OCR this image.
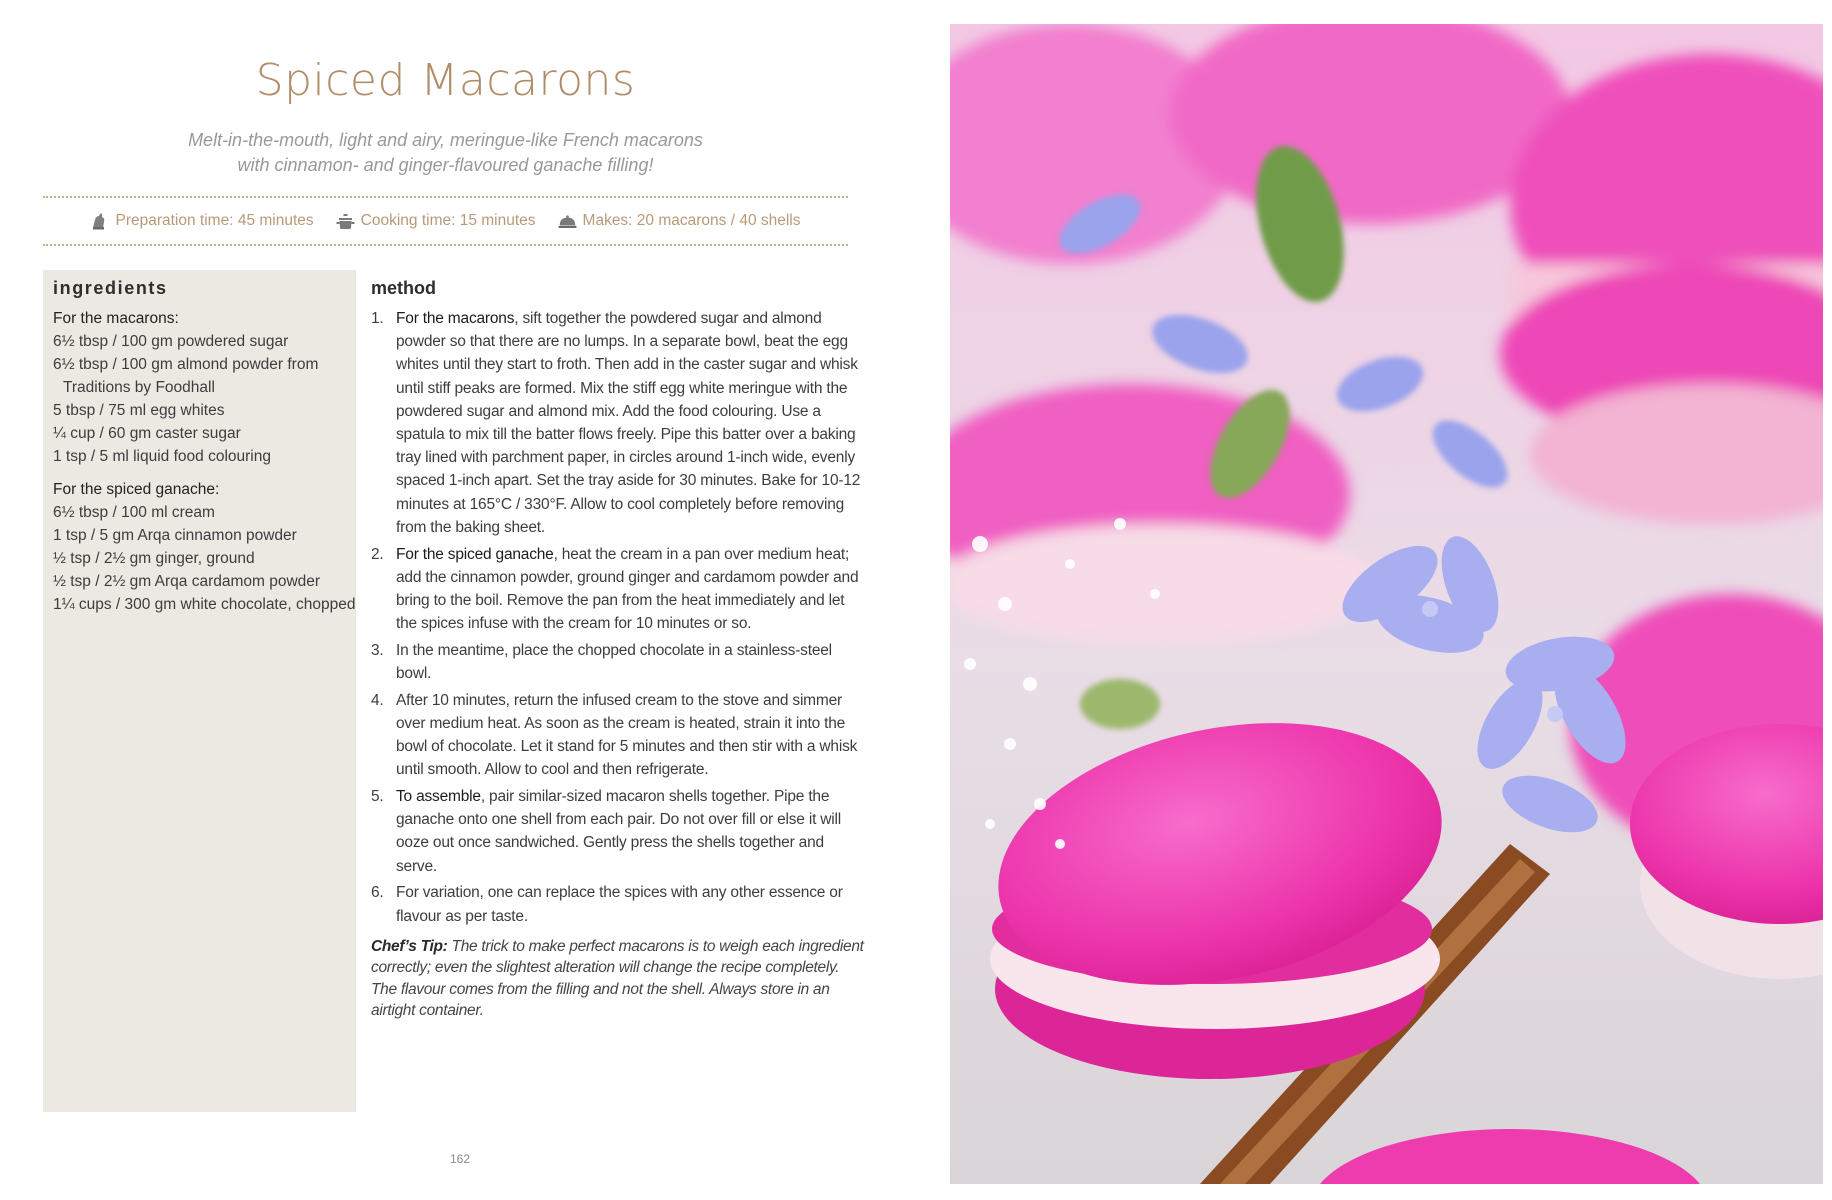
Spiced Macarons
Melt-in-the-mouth, light and airy, meringue-like French macarons
with cinnamon- and ginger-flavoured ganache filling!
Preparation time: 45 minutes	Cooking time: 15 minutes	Makes: 20 macarons / 40 shells
ingredients
For the macarons:
6½ tbsp / 100 gm powdered sugar
6½ tbsp / 100 gm almond powder from Traditions by Foodhall
5 tbsp / 75 ml egg whites
¼ cup / 60 gm caster sugar
1 tsp / 5 ml liquid food colouring
For the spiced ganache:
6½ tbsp / 100 ml cream
1 tsp / 5 gm Arqa cinnamon powder
½ tsp / 2½ gm ginger, ground
½ tsp / 2½ gm Arqa cardamom powder
1¼ cups / 300 gm white chocolate, chopped
method
1. For the macarons, sift together the powdered sugar and almond powder so that there are no lumps. In a separate bowl, beat the egg whites until they start to froth. Then add in the caster sugar and whisk until stiff peaks are formed. Mix the stiff egg white meringue with the powdered sugar and almond mix. Add the food colouring. Use a spatula to mix till the batter flows freely. Pipe this batter over a baking tray lined with parchment paper, in circles around 1-inch wide, evenly spaced 1-inch apart. Set the tray aside for 30 minutes. Bake for 10-12 minutes at 165°C / 330°F. Allow to cool completely before removing from the baking sheet.
2. For the spiced ganache, heat the cream in a pan over medium heat; add the cinnamon powder, ground ginger and cardamom powder and bring to the boil. Remove the pan from the heat immediately and let the spices infuse with the cream for 10 minutes or so.
3. In the meantime, place the chopped chocolate in a stainless-steel bowl.
4. After 10 minutes, return the infused cream to the stove and simmer over medium heat. As soon as the cream is heated, strain it into the bowl of chocolate. Let it stand for 5 minutes and then stir with a whisk until smooth. Allow to cool and then refrigerate.
5. To assemble, pair similar-sized macaron shells together. Pipe the ganache onto one shell from each pair. Do not over fill or else it will ooze out once sandwiched. Gently press the shells together and serve.
6. For variation, one can replace the spices with any other essence or flavour as per taste.
Chef’s Tip: The trick to make perfect macarons is to weigh each ingredient correctly; even the slightest alteration will change the recipe completely. The flavour comes from the filling and not the shell. Always store in an airtight container.
162
